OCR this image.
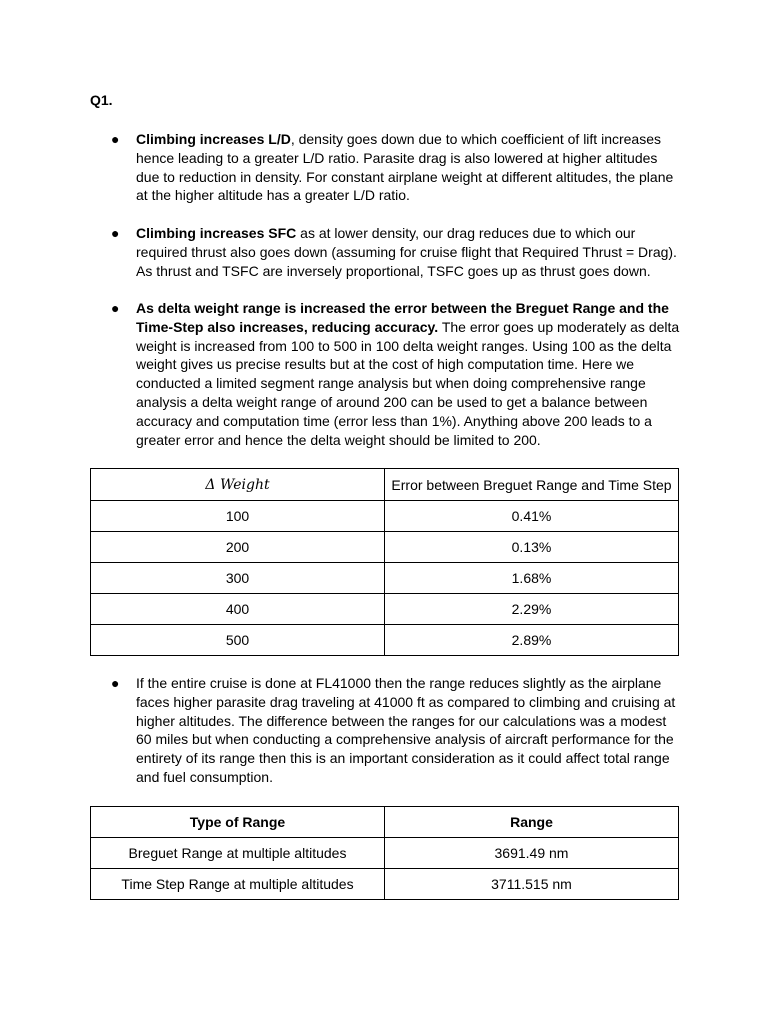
Q1.

● Climbing increases L/D, density goes down due to which coefficient of lift increases hence leading to a greater L/D ratio. Parasite drag is also lowered at higher altitudes due to reduction in density. For constant airplane weight at different altitudes, the plane at the higher altitude has a greater L/D ratio.

● Climbing increases SFC as at lower density, our drag reduces due to which our required thrust also goes down (assuming for cruise flight that Required Thrust = Drag). As thrust and TSFC are inversely proportional, TSFC goes up as thrust goes down.

● As delta weight range is increased the error between the Breguet Range and the Time-Step also increases, reducing accuracy. The error goes up moderately as delta weight is increased from 100 to 500 in 100 delta weight ranges. Using 100 as the delta weight gives us precise results but at the cost of high computation time. Here we conducted a limited segment range analysis but when doing comprehensive range analysis a delta weight range of around 200 can be used to get a balance between accuracy and computation time (error less than 1%). Anything above 200 leads to a greater error and hence the delta weight should be limited to 200.

Δ Weight	Error between Breguet Range and Time Step
100	0.41%
200	0.13%
300	1.68%
400	2.29%
500	2.89%

● If the entire cruise is done at FL41000 then the range reduces slightly as the airplane faces higher parasite drag traveling at 41000 ft as compared to climbing and cruising at higher altitudes. The difference between the ranges for our calculations was a modest 60 miles but when conducting a comprehensive analysis of aircraft performance for the entirety of its range then this is an important consideration as it could affect total range and fuel consumption.

Type of Range	Range
Breguet Range at multiple altitudes	3691.49 nm
Time Step Range at multiple altitudes	3711.515 nm
